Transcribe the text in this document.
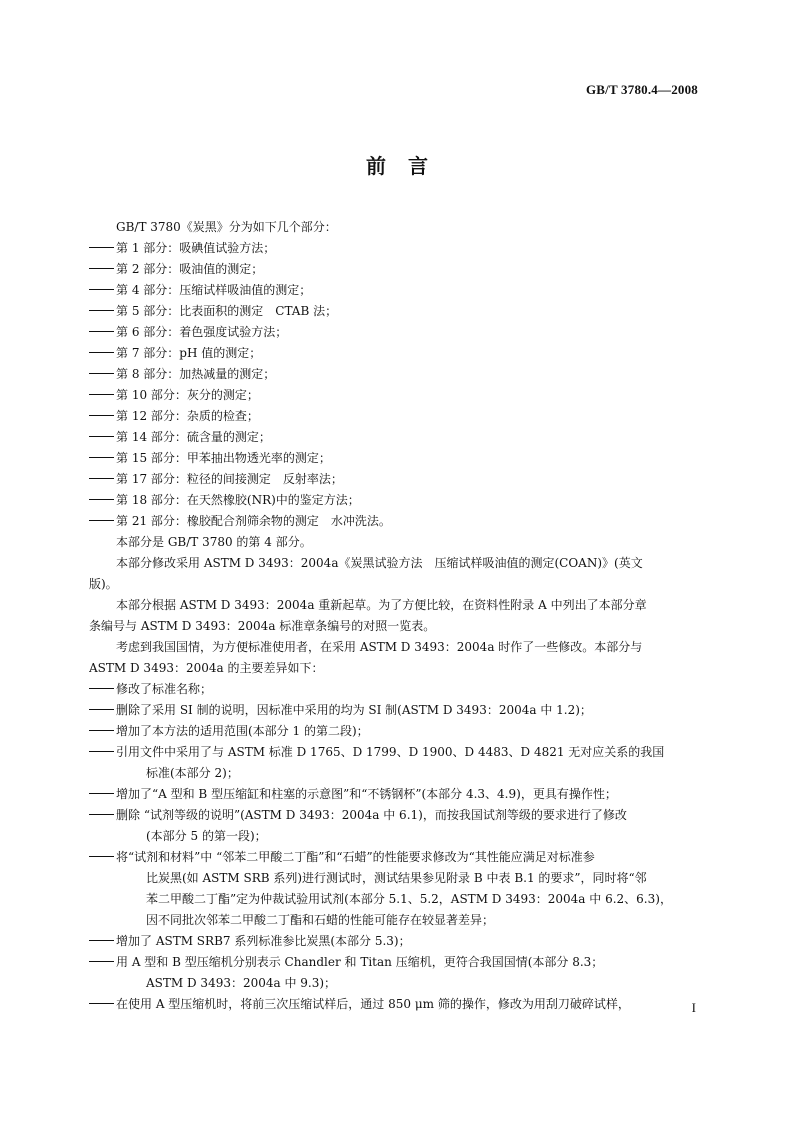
GB/T 3780.4—2008
前言
GB/T 3780《炭黑》分为如下几个部分：
第 1 部分：吸碘值试验方法；
第 2 部分：吸油值的测定；
第 4 部分：压缩试样吸油值的测定；
第 5 部分：比表面积的测定　CTAB 法；
第 6 部分：着色强度试验方法；
第 7 部分：pH 值的测定；
第 8 部分：加热减量的测定；
第 10 部分：灰分的测定；
第 12 部分：杂质的检查；
第 14 部分：硫含量的测定；
第 15 部分：甲苯抽出物透光率的测定；
第 17 部分：粒径的间接测定　反射率法；
第 18 部分：在天然橡胶(NR)中的鉴定方法；
第 21 部分：橡胶配合剂筛余物的测定　水冲洗法。
本部分是 GB/T 3780 的第 4 部分。
本部分修改采用 ASTM D 3493：2004a《炭黑试验方法　压缩试样吸油值的测定(COAN)》(英文
版)。
本部分根据 ASTM D 3493：2004a 重新起草。为了方便比较，在资料性附录 A 中列出了本部分章
条编号与 ASTM D 3493：2004a 标准章条编号的对照一览表。
考虑到我国国情，为方便标准使用者，在采用 ASTM D 3493：2004a 时作了一些修改。本部分与
ASTM D 3493：2004a 的主要差异如下：
修改了标准名称；
删除了采用 SI 制的说明，因标准中采用的均为 SI 制(ASTM D 3493：2004a 中 1.2)；
增加了本方法的适用范围(本部分 1 的第二段)；
引用文件中采用了与 ASTM 标准 D 1765、D 1799、D 1900、D 4483、D 4821 无对应关系的我国
标准(本部分 2)；
增加了“A 型和 B 型压缩缸和柱塞的示意图”和“不锈钢杯”(本部分 4.3、4.9)，更具有操作性；
删除 “试剂等级的说明”(ASTM D 3493：2004a 中 6.1)，而按我国试剂等级的要求进行了修改
(本部分 5 的第一段)；
将“试剂和材料”中 “邻苯二甲酸二丁酯”和“石蜡”的性能要求修改为“其性能应满足对标准参
比炭黑(如 ASTM SRB 系列)进行测试时，测试结果参见附录 B 中表 B.1 的要求”，同时将“邻
苯二甲酸二丁酯”定为仲裁试验用试剂(本部分 5.1、5.2，ASTM D 3493：2004a 中 6.2、6.3)，
因不同批次邻苯二甲酸二丁酯和石蜡的性能可能存在较显著差异；
增加了 ASTM SRB7 系列标准参比炭黑(本部分 5.3)；
用 A 型和 B 型压缩机分别表示 Chandler 和 Titan 压缩机，更符合我国国情(本部分 8.3；
ASTM D 3493：2004a 中 9.3)；
在使用 A 型压缩机时，将前三次压缩试样后，通过 850 μm 筛的操作，修改为用刮刀破碎试样，	I
